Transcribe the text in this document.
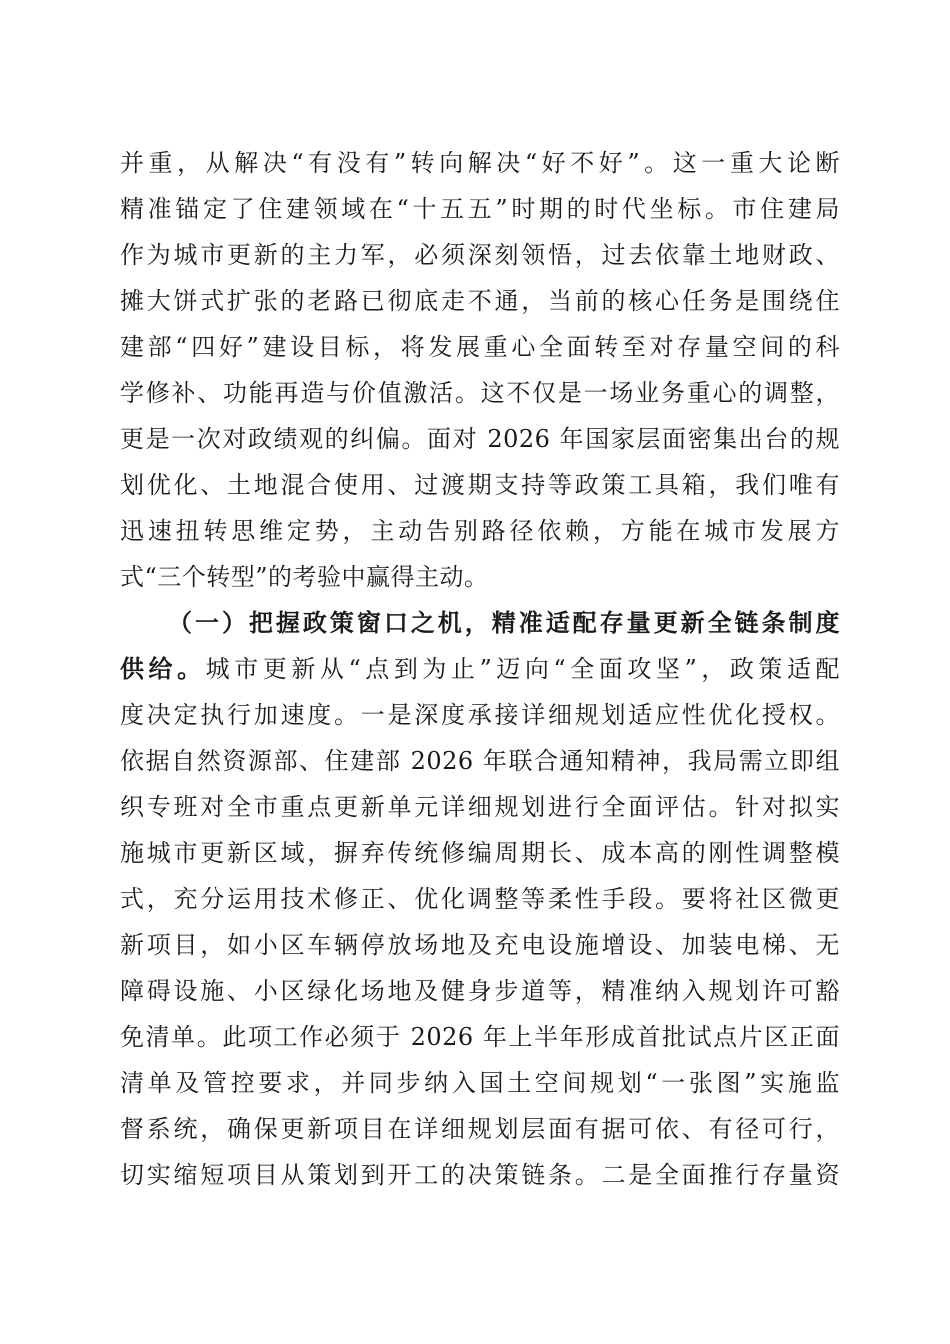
并重，从解决“有没有”转向解决“好不好”。这一重大论断
精准锚定了住建领域在“十五五”时期的时代坐标。市住建局
作为城市更新的主力军，必须深刻领悟，过去依靠土地财政、
摊大饼式扩张的老路已彻底走不通，当前的核心任务是围绕住
建部“四好”建设目标，将发展重心全面转至对存量空间的科
学修补、功能再造与价值激活。这不仅是一场业务重心的调整，
更是一次对政绩观的纠偏。面对 2026 年国家层面密集出台的规
划优化、土地混合使用、过渡期支持等政策工具箱，我们唯有
迅速扭转思维定势，主动告别路径依赖，方能在城市发展方
式“三个转型”的考验中赢得主动。
（一）把握政策窗口之机，精准适配存量更新全链条制度
供给。城市更新从“点到为止”迈向“全面攻坚”，政策适配
度决定执行加速度。一是深度承接详细规划适应性优化授权。
依据自然资源部、住建部 2026 年联合通知精神，我局需立即组
织专班对全市重点更新单元详细规划进行全面评估。针对拟实
施城市更新区域，摒弃传统修编周期长、成本高的刚性调整模
式，充分运用技术修正、优化调整等柔性手段。要将社区微更
新项目，如小区车辆停放场地及充电设施增设、加装电梯、无
障碍设施、小区绿化场地及健身步道等，精准纳入规划许可豁
免清单。此项工作必须于 2026 年上半年形成首批试点片区正面
清单及管控要求，并同步纳入国土空间规划“一张图”实施监
督系统，确保更新项目在详细规划层面有据可依、有径可行，
切实缩短项目从策划到开工的决策链条。二是全面推行存量资
